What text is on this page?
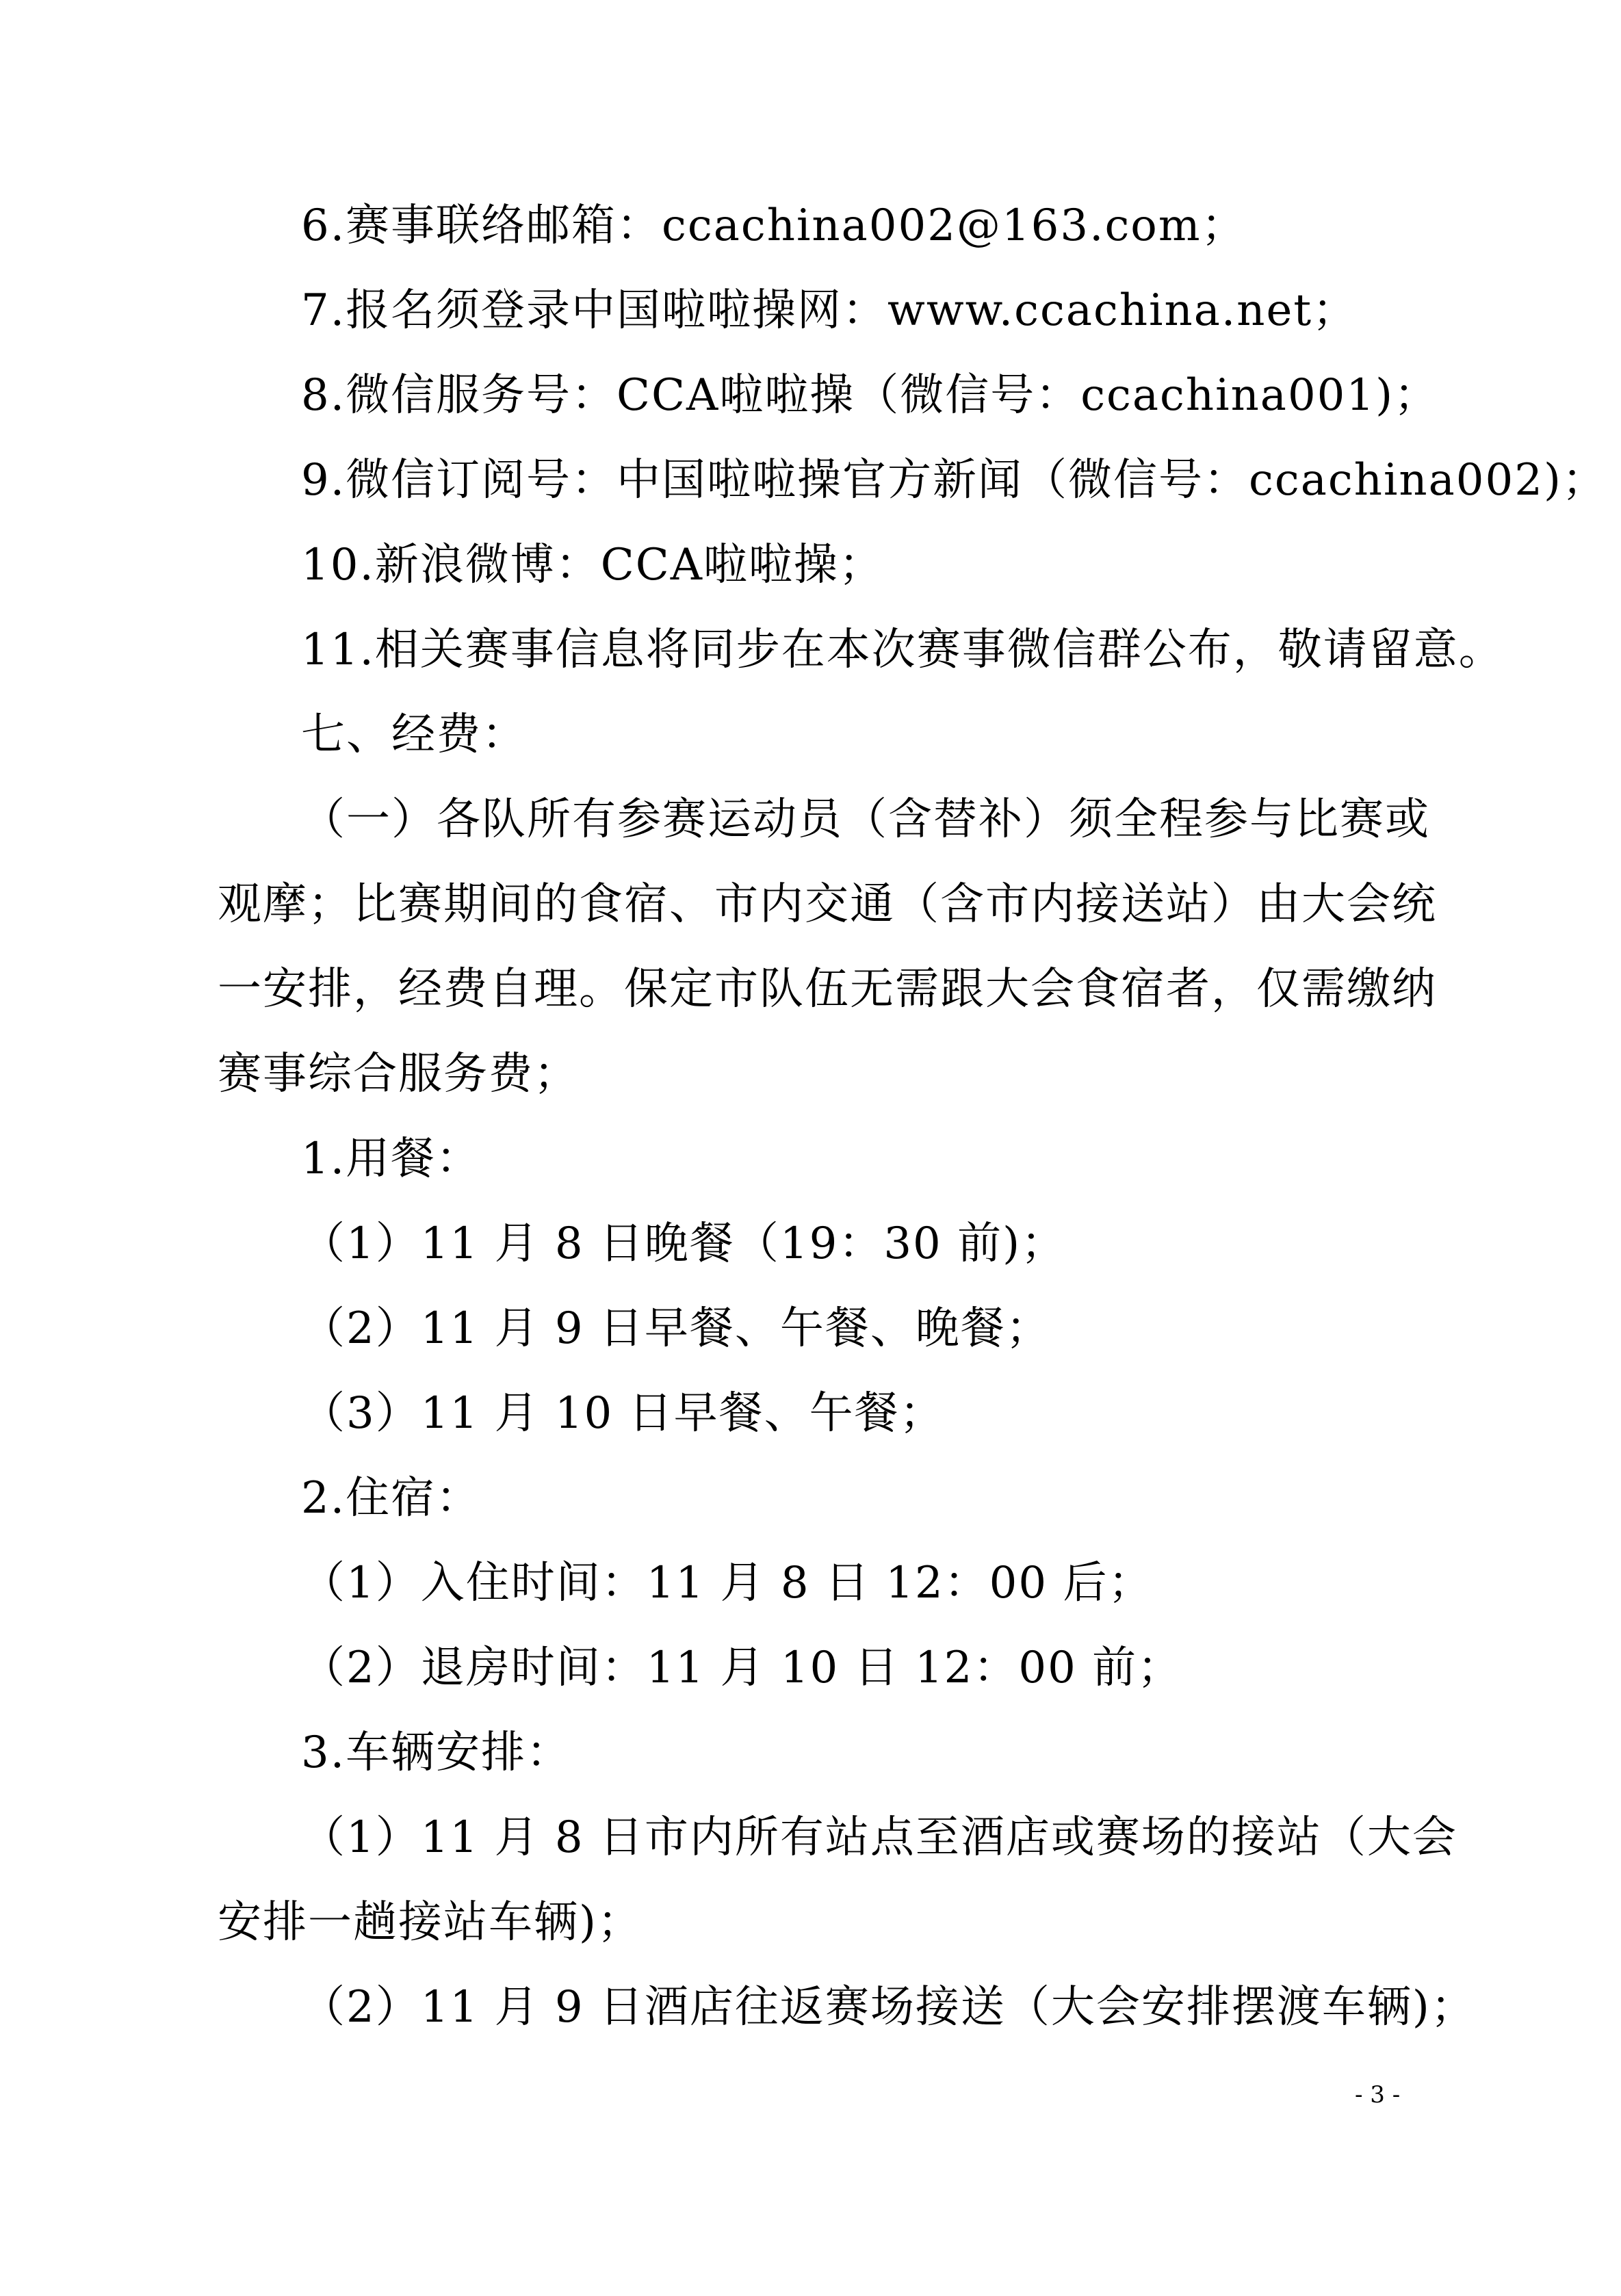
6.赛事联络邮箱：ccachina002@163.com；
7.报名须登录中国啦啦操网：www.ccachina.net；
8.微信服务号：CCA啦啦操（微信号：ccachina001)；
9.微信订阅号：中国啦啦操官方新闻（微信号：ccachina002)；
10.新浪微博：CCA啦啦操；
11.相关赛事信息将同步在本次赛事微信群公布，敬请留意。
七、经费：
（一）各队所有参赛运动员（含替补）须全程参与比赛或
观摩；比赛期间的食宿、市内交通（含市内接送站）由大会统
一安排，经费自理。保定市队伍无需跟大会食宿者，仅需缴纳
赛事综合服务费；
1.用餐：
（1）11 月 8 日晚餐（19：30 前)；
（2）11 月 9 日早餐、午餐、晚餐；
（3）11 月 10 日早餐、午餐；
2.住宿：
（1）入住时间：11 月 8 日 12：00 后；
（2）退房时间：11 月 10 日 12：00 前；
3.车辆安排：
（1）11 月 8 日市内所有站点至酒店或赛场的接站（大会
安排一趟接站车辆)；
（2）11 月 9 日酒店往返赛场接送（大会安排摆渡车辆)；
- 3 -
